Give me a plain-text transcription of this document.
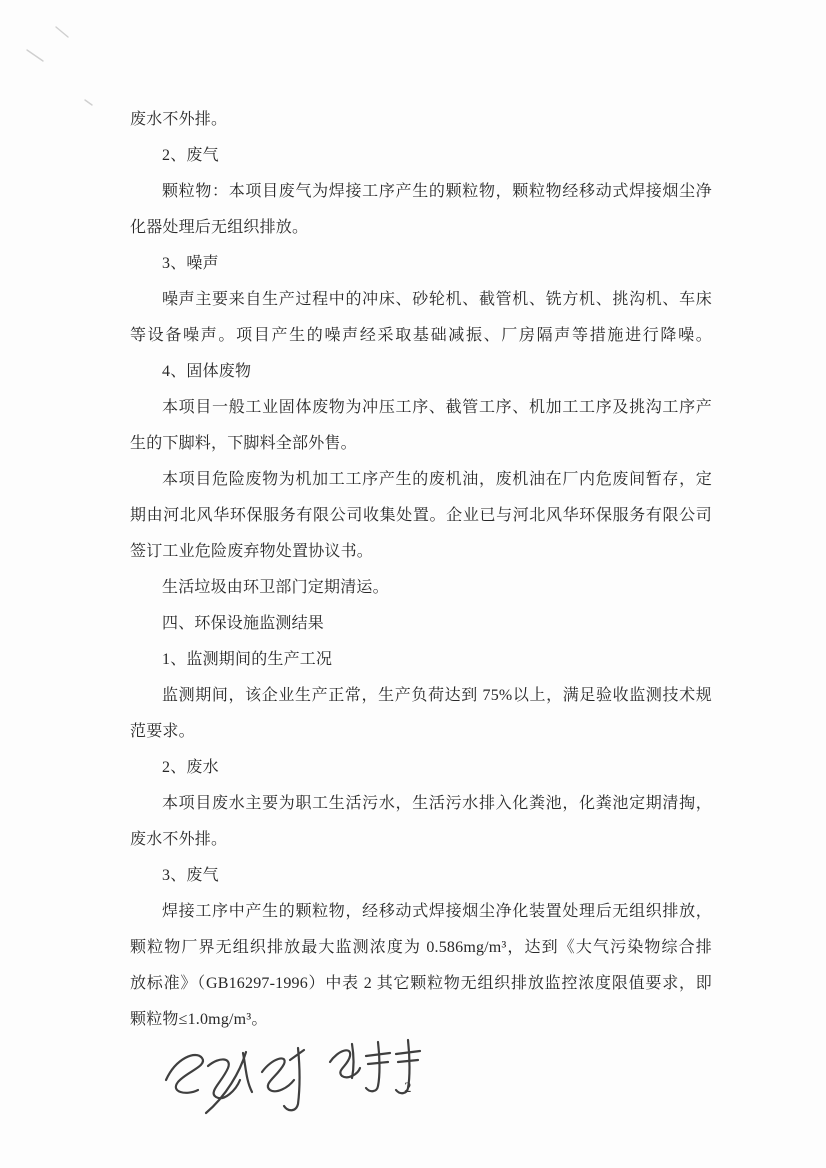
废水不外排。
2、废气
颗粒物：本项目废气为焊接工序产生的颗粒物，颗粒物经移动式焊接烟尘净
化器处理后无组织排放。
3、噪声
噪声主要来自生产过程中的冲床、砂轮机、截管机、铣方机、挑沟机、车床
等设备噪声。项目产生的噪声经采取基础减振、厂房隔声等措施进行降噪。
4、固体废物
本项目一般工业固体废物为冲压工序、截管工序、机加工工序及挑沟工序产
生的下脚料，下脚料全部外售。
本项目危险废物为机加工工序产生的废机油，废机油在厂内危废间暂存，定
期由河北风华环保服务有限公司收集处置。企业已与河北风华环保服务有限公司
签订工业危险废弃物处置协议书。
生活垃圾由环卫部门定期清运。
四、环保设施监测结果
1、监测期间的生产工况
监测期间，该企业生产正常，生产负荷达到 75%以上，满足验收监测技术规
范要求。
2、废水
本项目废水主要为职工生活污水，生活污水排入化粪池，化粪池定期清掏，
废水不外排。
3、废气
焊接工序中产生的颗粒物，经移动式焊接烟尘净化装置处理后无组织排放，
颗粒物厂界无组织排放最大监测浓度为 0.586mg/m³，达到《大气污染物综合排
放标准》（GB16297-1996）中表 2 其它颗粒物无组织排放监控浓度限值要求，即
颗粒物≤1.0mg/m³。
2
